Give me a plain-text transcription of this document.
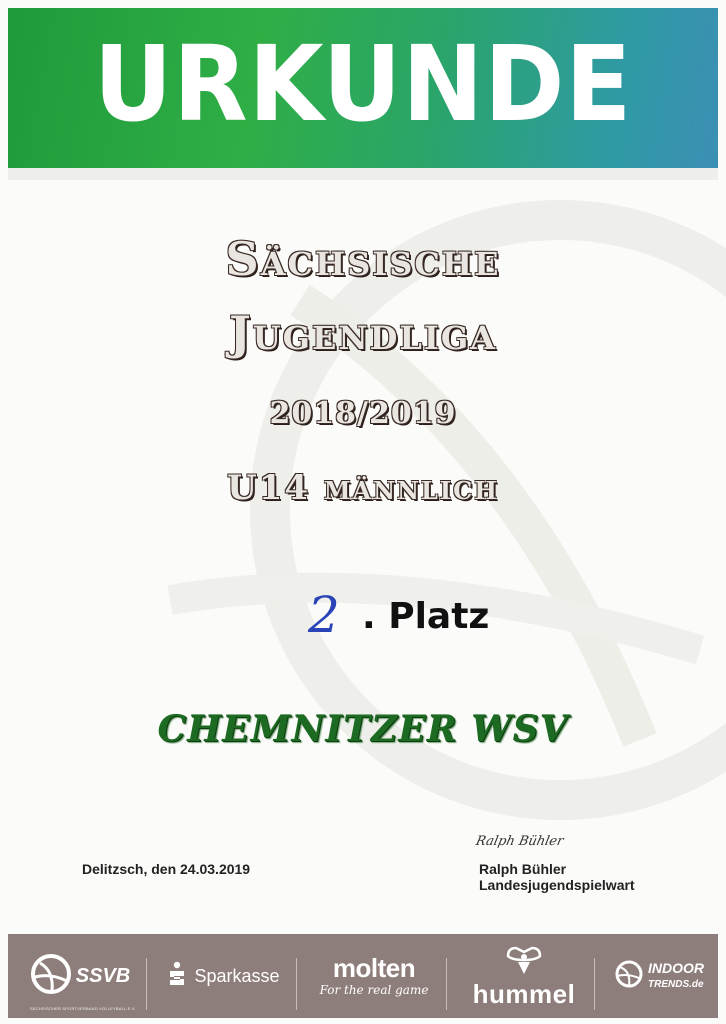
URKUNDE
Sächsische
Jugendliga
2018/2019
U14 männlich
2 . Platz
CHEMNITZER WSV
Delitzsch, den 24.03.2019
Ralph Bühler
Ralph Bühler
Landesjugendspielwart
SSVB
SÄCHSISCHER SPORTVERBAND VOLLEYBALL E.V.
Sparkasse molten
For the real game hummel
INDOOR
TRENDS.de
